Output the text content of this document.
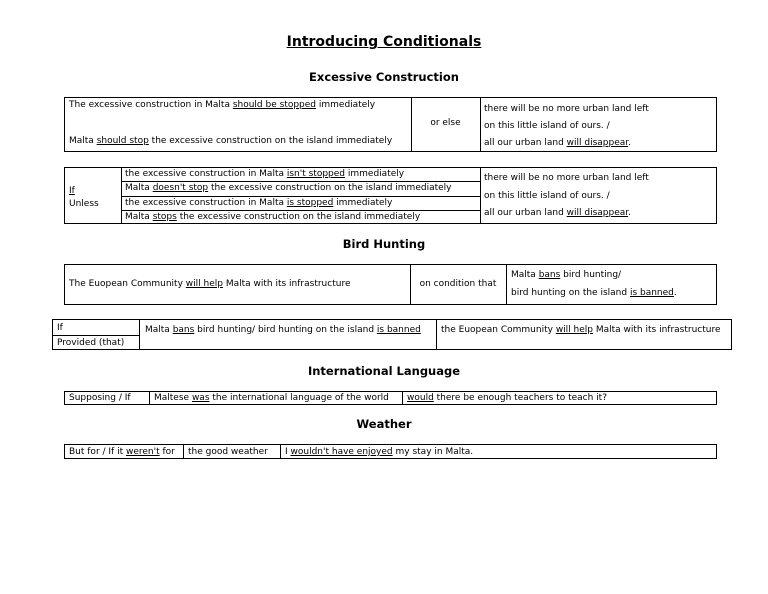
Introducing Conditionals
Excessive Construction
The excessive construction in Malta should be stopped immediately
Malta should stop the excessive construction on the island immediately
or else
there will be no more urban land left
on this little island of ours. /
all our urban land will disappear.
If
Unless
the excessive construction in Malta isn't stopped immediately
Malta doesn't stop the excessive construction on the island immediately
the excessive construction in Malta is stopped immediately
Malta stops the excessive construction on the island immediately
there will be no more urban land left
on this little island of ours. /
all our urban land will disappear.
Bird Hunting
The Euopean Community will help Malta with its infrastructure	on condition that
Malta bans bird hunting/
bird hunting on the island is banned.
If
Provided (that)
Malta bans bird hunting/ bird hunting on the island is banned the Euopean Community will help Malta with its infrastructure
International Language
Supposing / If	Maltese was the international language of the world would there be enough teachers to teach it?
Weather
But for / If it weren't for the good weather I wouldn't have enjoyed my stay in Malta.
